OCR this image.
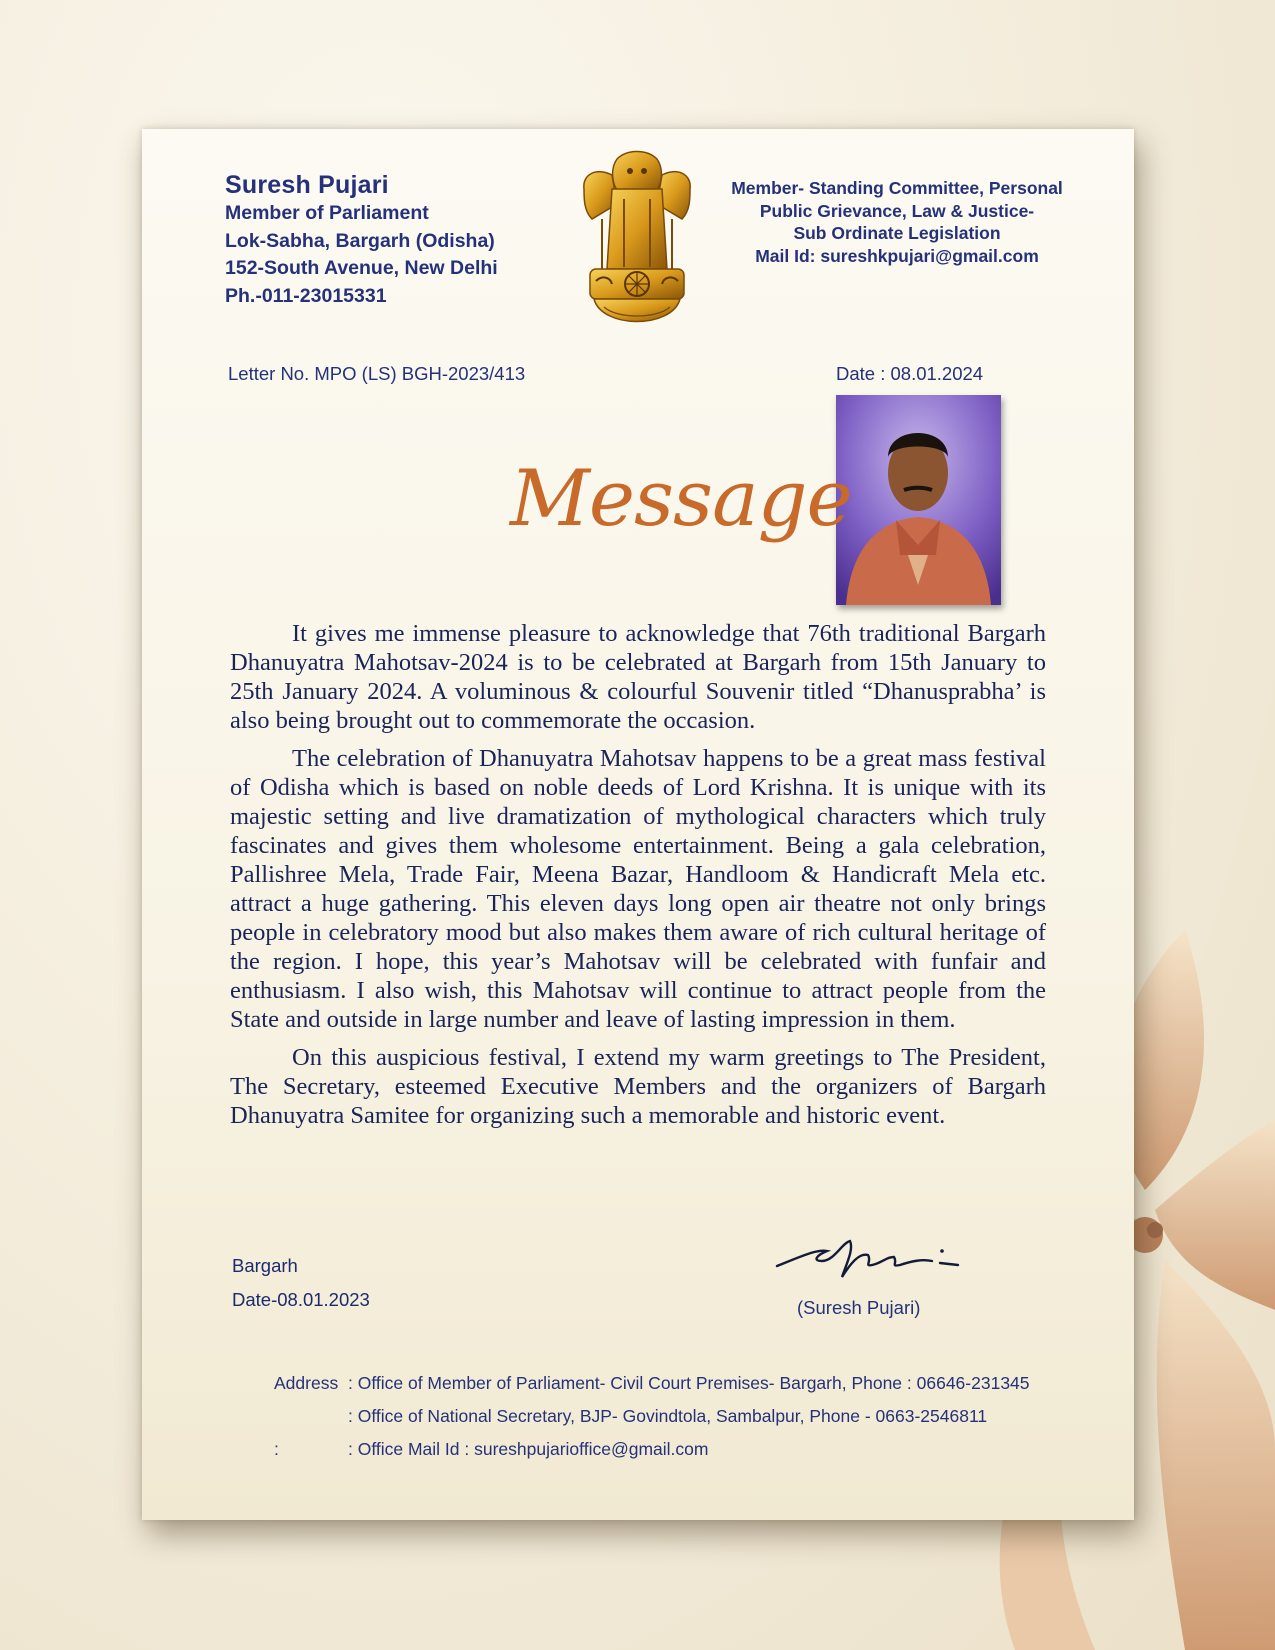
Suresh Pujari
Member of Parliament
Lok-Sabha, Bargarh (Odisha)
152-South Avenue, New Delhi
Ph.-011-23015331
Member- Standing Committee, Personal
Public Grievance, Law & Justice-
Sub Ordinate Legislation
Mail Id: sureshkpujari@gmail.com
Letter No. MPO (LS) BGH-2023/413	Date : 08.01.2024
Message

It gives me immense pleasure to acknowledge that 76th traditional Bargarh Dhanuyatra Mahotsav-2024 is to be celebrated at Bargarh from 15th January to 25th January 2024. A voluminous & colourful Souvenir titled “Dhanusprabha’ is also being brought out to commemorate the occasion.

The celebration of Dhanuyatra Mahotsav happens to be a great mass festival of Odisha which is based on noble deeds of Lord Krishna. It is unique with its majestic setting and live dramatization of mythological characters which truly fascinates and gives them wholesome entertainment. Being a gala celebration, Pallishree Mela, Trade Fair, Meena Bazar, Handloom & Handicraft Mela etc. attract a huge gathering. This eleven days long open air theatre not only brings people in celebratory mood but also makes them aware of rich cultural heritage of the region. I hope, this year’s Mahotsav will be celebrated with funfair and enthusiasm. I also wish, this Mahotsav will continue to attract people from the State and outside in large number and leave of lasting impression in them.

On this auspicious festival, I extend my warm greetings to The President, The Secretary, esteemed Executive Members and the organizers of Bargarh Dhanuyatra Samitee for organizing such a memorable and historic event.

Bargarh
Date-08.01.2023	(Suresh Pujari)
Address : Office of Member of Parliament- Civil Court Premises- Bargarh, Phone : 06646-231345
: Office of National Secretary, BJP- Govindtola, Sambalpur, Phone - 0663-2546811
:	: Office Mail Id : sureshpujarioffice@gmail.com
